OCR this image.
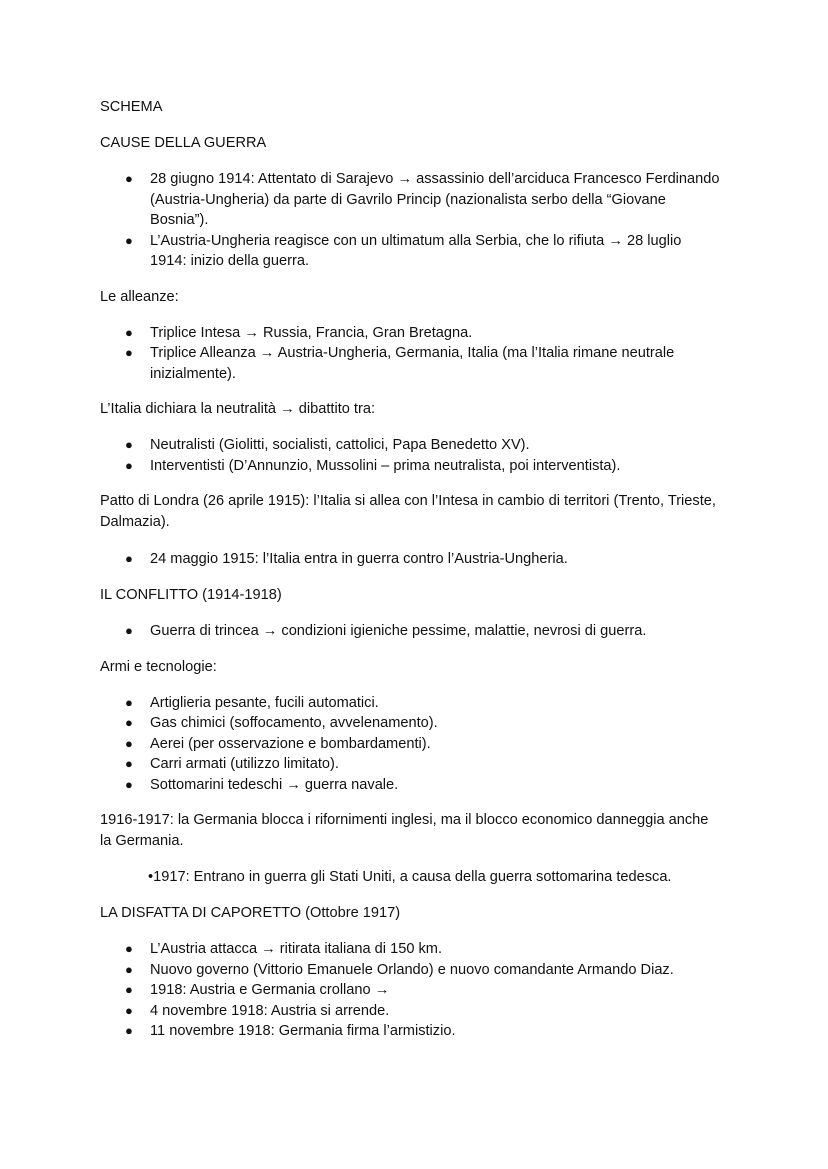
SCHEMA

CAUSE DELLA GUERRA

● 28 giugno 1914: Attentato di Sarajevo → assassinio dell’arciduca Francesco Ferdinando (Austria-Ungheria) da parte di Gavrilo Princip (nazionalista serbo della “Giovane Bosnia”).
● L’Austria-Ungheria reagisce con un ultimatum alla Serbia, che lo rifiuta → 28 luglio 1914: inizio della guerra.

Le alleanze:

● Triplice Intesa → Russia, Francia, Gran Bretagna.
● Triplice Alleanza → Austria-Ungheria, Germania, Italia (ma l’Italia rimane neutrale inizialmente).

L’Italia dichiara la neutralità → dibattito tra:

● Neutralisti (Giolitti, socialisti, cattolici, Papa Benedetto XV).
● Interventisti (D’Annunzio, Mussolini – prima neutralista, poi interventista).

Patto di Londra (26 aprile 1915): l’Italia si allea con l’Intesa in cambio di territori (Trento, Trieste, Dalmazia).

● 24 maggio 1915: l’Italia entra in guerra contro l’Austria-Ungheria.

IL CONFLITTO (1914-1918)

● Guerra di trincea → condizioni igieniche pessime, malattie, nevrosi di guerra.

Armi e tecnologie:

● Artiglieria pesante, fucili automatici.
● Gas chimici (soffocamento, avvelenamento).
● Aerei (per osservazione e bombardamenti).
● Carri armati (utilizzo limitato).
● Sottomarini tedeschi → guerra navale.

1916-1917: la Germania blocca i rifornimenti inglesi, ma il blocco economico danneggia anche la Germania.

•1917: Entrano in guerra gli Stati Uniti, a causa della guerra sottomarina tedesca.

LA DISFATTA DI CAPORETTO (Ottobre 1917)

● L’Austria attacca → ritirata italiana di 150 km.
● Nuovo governo (Vittorio Emanuele Orlando) e nuovo comandante Armando Diaz.
● 1918: Austria e Germania crollano →
● 4 novembre 1918: Austria si arrende.
● 11 novembre 1918: Germania firma l’armistizio.
